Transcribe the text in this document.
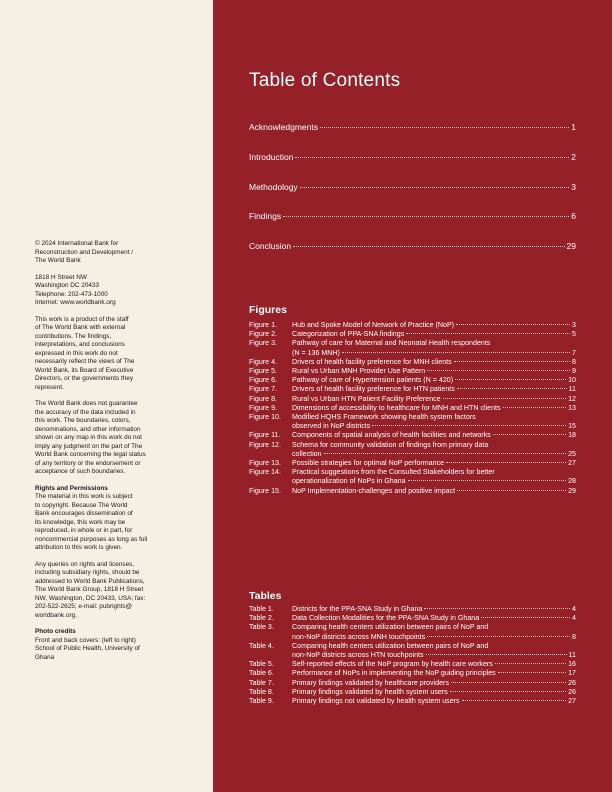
© 2024 International Bank for
Reconstruction and Development /
The World Bank

1818 H Street NW
Washington DC 20433
Telephone: 202-473-1000
Internet: www.worldbank.org

This work is a product of the staff
of The World Bank with external
contributions. The findings,
interpretations, and conclusions
expressed in this work do not
necessarily reflect the views of The
World Bank, its Board of Executive
Directors, or the governments they
represent.

The World Bank does not guarantee
the accuracy of the data included in
this work. The boundaries, colors,
denominations, and other information
shown on any map in this work do not
imply any judgment on the part of The
World Bank concerning the legal status
of any territory or the endorsement or
acceptance of such boundaries.

Rights and Permissions
The material in this work is subject
to copyright. Because The World
Bank encourages dissemination of
its knowledge, this work may be
reproduced, in whole or in part, for
noncommercial purposes as long as full
attribution to this work is given.

Any queries on rights and licenses,
including subsidiary rights, should be
addressed to World Bank Publications,
The World Bank Group, 1818 H Street
NW, Washington, DC 20433, USA; fax:
202-522-2625; e-mail: pubrights@
worldbank.org.

Photo credits
Front and back covers: (left to right)
School of Public Health, University of
Ghana

Table of Contents
Acknowledgments	1
Introduction	2
Methodology	3
Findings	6
Conclusion	29
Figures
Figure 1.	Hub and Spoke Model of Network of Practice (NoP)	3
Figure 2.	Categorization of PPA-SNA findings	5
Figure 3.	Pathway of care for Maternal and Neonatal Health respondents
(N = 136 MNH)	7
Figure 4.	Drivers of health facility preference for MNH clients	8
Figure 5.	Rural vs Urban MNH Provider Use Pattern	9
Figure 6.	Pathway of care of Hypertension patients (N = 420)	10
Figure 7.	Drivers of health facility preference for HTN patients	11
Figure 8.	Rural vs Urban HTN Patient Facility Preference	12
Figure 9.	Dimensions of accessibility to healthcare for MNH and HTN clients	13
Figure 10.	Modified HQHS Framework showing health system factors
observed in NoP districts	15
Figure 11.	Components of spatial analysis of health facilities and networks	18
Figure 12.	Schema for community validation of findings from primary data
collection	25
Figure 13.	Possible strategies for optimal NoP performance	27
Figure 14.	Practical suggestions from the Consulted Stakeholders for better
operationalization of NoPs in Ghana	28
Figure 15.	NoP Implementation-challenges and positive impact	29
Tables
Table 1.	Districts for the PPA-SNA Study in Ghana	4
Table 2.	Data Collection Modalities for the PPA-SNA Study in Ghana	4
Table 3.	Comparing health centers utilization between pairs of NoP and
non-NoP districts across MNH touchpoints	8
Table 4.	Comparing health centers utilization between pairs of NoP and
non-NoP districts across HTN touchpoints	11
Table 5.	Self-reported effects of the NoP program by health care workers	16
Table 6.	Performance of NoPs in implementing the NoP guiding principles	17
Table 7.	Primary findings validated by healthcare providers	26
Table 8.	Primary findings validated by health system users	26
Table 9.	Primary findings not validated by health system users	27
